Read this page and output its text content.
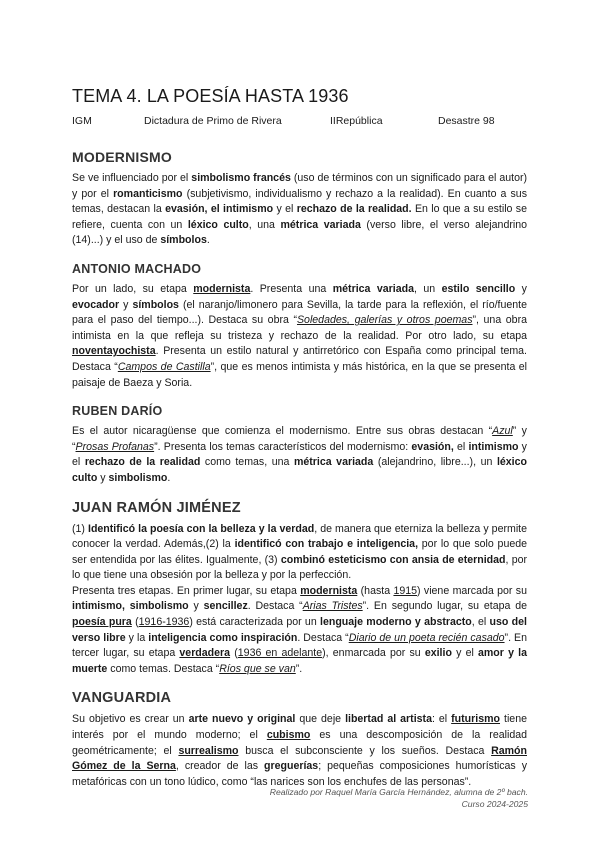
TEMA 4. LA POESÍA HASTA 1936
IGM	Dictadura de Primo de Rivera	IIRepública	Desastre 98
MODERNISMO

Se ve influenciado por el simbolismo francés (uso de términos con un significado para el autor) y por el romanticismo (subjetivismo, individualismo y rechazo a la realidad). En cuanto a sus temas, destacan la evasión, el intimismo y el rechazo de la realidad. En lo que a su estilo se refiere, cuenta con un léxico culto, una métrica variada (verso libre, el verso alejandrino (14)...) y el uso de símbolos.

ANTONIO MACHADO

Por un lado, su etapa modernista. Presenta una métrica variada, un estilo sencillo y evocador y símbolos (el naranjo/limonero para Sevilla, la tarde para la reflexión, el río/fuente para el paso del tiempo...). Destaca su obra “Soledades, galerías y otros poemas”, una obra intimista en la que refleja su tristeza y rechazo de la realidad. Por otro lado, su etapa noventayochista. Presenta un estilo natural y antirretórico con España como principal tema. Destaca “Campos de Castilla”, que es menos intimista y más histórica, en la que se presenta el paisaje de Baeza y Soria.

RUBEN DARÍO

Es el autor nicaragüense que comienza el modernismo. Entre sus obras destacan “Azul” y “Prosas Profanas”. Presenta los temas característicos del modernismo: evasión, el intimismo y el rechazo de la realidad como temas, una métrica variada (alejandrino, libre...), un léxico culto y simbolismo.

JUAN RAMÓN JIMÉNEZ

(1) Identificó la poesía con la belleza y la verdad, de manera que eterniza la belleza y permite conocer la verdad. Además,(2) la identificó con trabajo e inteligencia, por lo que solo puede ser entendida por las élites. Igualmente, (3) combinó esteticismo con ansia de eternidad, por lo que tiene una obsesión por la belleza y por la perfección.

Presenta tres etapas. En primer lugar, su etapa modernista (hasta 1915) viene marcada por su intimismo, simbolismo y sencillez. Destaca “Arias Tristes”. En segundo lugar, su etapa de poesía pura (1916-1936) está caracterizada por un lenguaje moderno y abstracto, el uso del verso libre y la inteligencia como inspiración. Destaca “Diario de un poeta recién casado”. En tercer lugar, su etapa verdadera (1936 en adelante), enmarcada por su exilio y el amor y la muerte como temas. Destaca “Ríos que se van”.

VANGUARDIA

Su objetivo es crear un arte nuevo y original que deje libertad al artista: el futurismo tiene interés por el mundo moderno; el cubismo es una descomposición de la realidad geométricamente; el surrealismo busca el subconsciente y los sueños. Destaca Ramón Gómez de la Serna, creador de las greguerías; pequeñas composiciones humorísticas y metafóricas con un tono lúdico, como “las narices son los enchufes de las personas”.

Realizado por Raquel María García Hernández, alumna de 2º bach.
Curso 2024-2025
